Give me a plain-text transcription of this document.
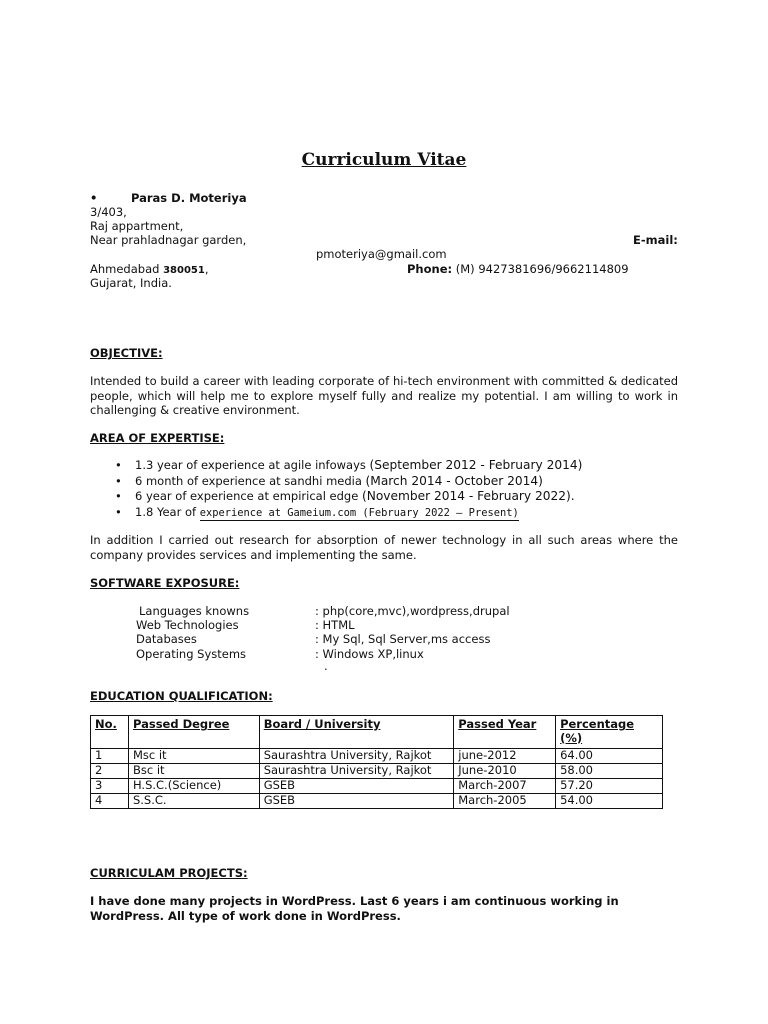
Curriculum Vitae
•	Paras D. Moteriya
3/403,
Raj appartment,
Near prahladnagar garden,	E-mail:
pmoteriya@gmail.com
Ahmedabad 380051,	Phone: (M) 9427381696/9662114809
Gujarat, India.
OBJECTIVE:
Intended to build a career with leading corporate of hi-tech environment with committed & dedicated people, which will help me to explore myself fully and realize my potential. I am willing to work in challenging & creative environment.
AREA OF EXPERTISE:
• 1.3 year of experience at agile infoways (September 2012 - February 2014)
• 6 month of experience at sandhi media (March 2014 - October 2014)
• 6 year of experience at empirical edge (November 2014 - February 2022).
• 1.8 Year of experience at Gameium.com (February 2022 – Present)
In addition I carried out research for absorption of newer technology in all such areas where the company provides services and implementing the same.
SOFTWARE EXPOSURE:
Languages knowns	: php(core,mvc),wordpress,drupal
Web Technologies	: HTML
Databases	: My Sql, Sql Server,ms access
Operating Systems	: Windows XP,linux
.
EDUCATION QUALIFICATION:
No.	Passed Degree	Board / University	Passed Year	Percentage (%)
1	Msc it	Saurashtra University, Rajkot	june-2012	64.00
2	Bsc it	Saurashtra University, Rajkot	June-2010	58.00
3	H.S.C.(Science)	GSEB	March-2007	57.20
4	S.S.C.	GSEB	March-2005	54.00
CURRICULAM PROJECTS:
I have done many projects in WordPress. Last 6 years i am continuous working in WordPress. All type of work done in WordPress.
